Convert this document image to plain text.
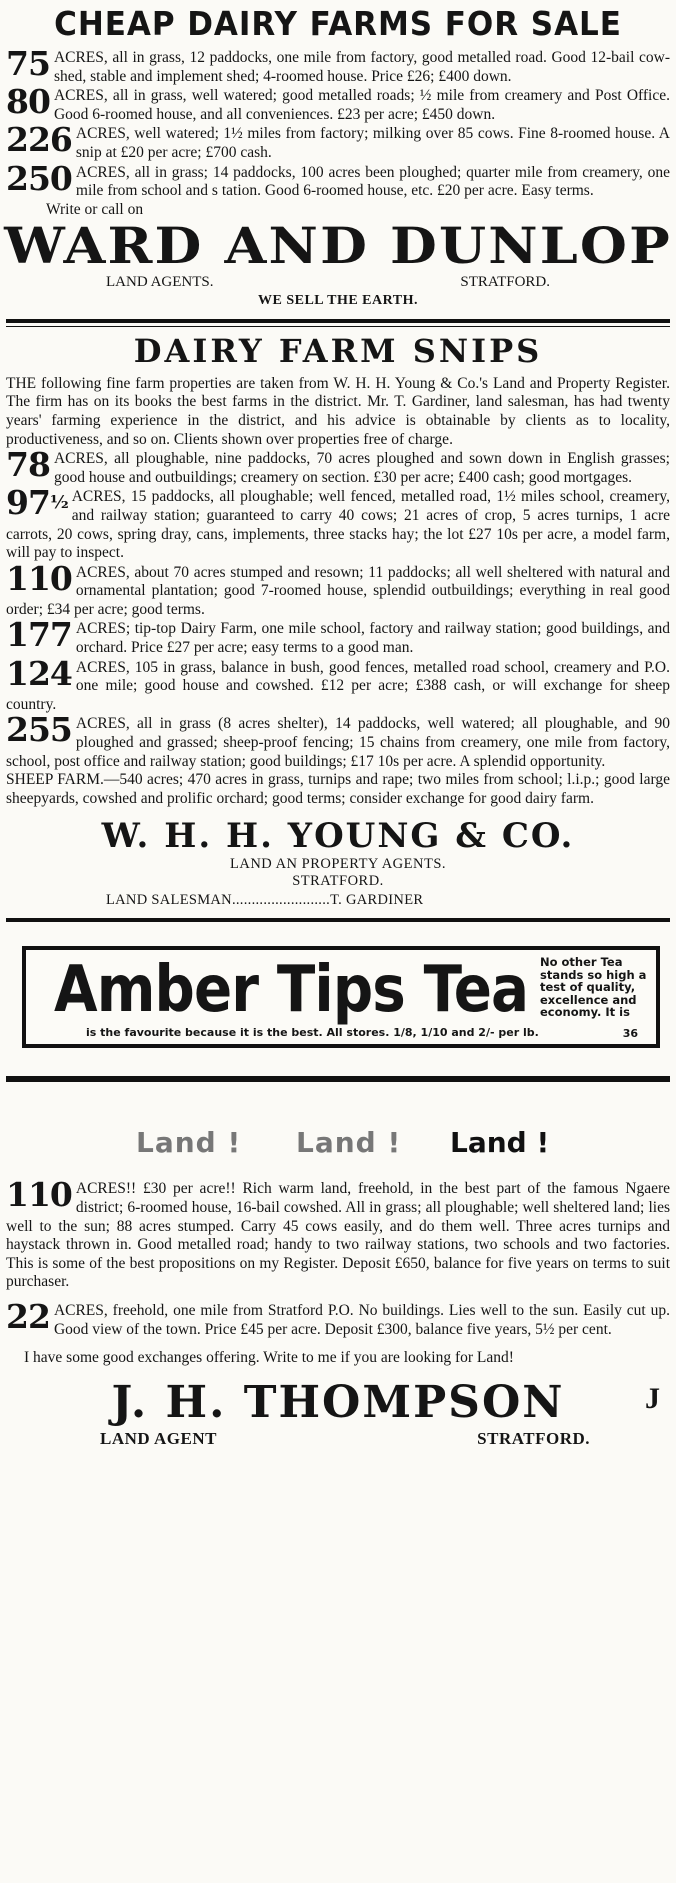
CHEAP DAIRY FARMS FOR SALE
75 ACRES, all in grass, 12 paddocks, one mile from factory, good metalled road. Good 12-bail cow-shed, stable and implement shed; 4-roomed house. Price £26; £400 down.

80 ACRES, all in grass, well watered; good metalled roads; ½ mile from creamery and Post Office. Good 6-roomed house, and all conveniences. £23 per acre; £450 down.

226 ACRES, well watered; 1½ miles from factory; milking over 85 cows. Fine 8-roomed house. A snip at £20 per acre; £700 cash.

250 ACRES, all in grass; 14 paddocks, 100 acres been ploughed; quarter mile from creamery, one mile from school and s tation. Good 6-roomed house, etc. £20 per acre. Easy terms.

Write or call on
WARD AND DUNLOP
LAND AGENTS.	STRATFORD.
WE SELL THE EARTH.
DAIRY FARM SNIPS

THE following fine farm properties are taken from W. H. H. Young & Co.'s Land and Property Register. The firm has on its books the best farms in the district. Mr. T. Gardiner, land salesman, has had twenty years' farming experience in the district, and his advice is obtainable by clients as to locality, productiveness, and so on. Clients shown over properties free of charge.

78 ACRES, all ploughable, nine paddocks, 70 acres ploughed and sown down in English grasses; good house and outbuildings; creamery on section. £30 per acre; £400 cash; good mortgages.

$97^{\frac{1}{2}}$ ACRES, 15 paddocks, all ploughable; well fenced, metalled road, 1½ miles school, creamery, and railway station; guaranteed to carry 40 cows; 21 acres of crop, 5 acres turnips, 1 acre carrots, 20 cows, spring dray, cans, implements, three stacks hay; the lot £27 10s per acre, a model farm, will pay to inspect.

110 ACRES, about 70 acres stumped and resown; 11 paddocks; all well sheltered with natural and ornamental plantation; good 7-roomed house, splendid outbuildings; everything in real good order; £34 per acre; good terms.

177 ACRES; tip-top Dairy Farm, one mile school, factory and railway station; good buildings, and orchard. Price £27 per acre; easy terms to a good man.

124 ACRES, 105 in grass, balance in bush, good fences, metalled road school, creamery and P.O. one mile; good house and cowshed. £12 per acre; £388 cash, or will exchange for sheep country.

255 ACRES, all in grass (8 acres shelter), 14 paddocks, well watered; all ploughable, and 90 ploughed and grassed; sheep-proof fencing; 15 chains from creamery, one mile from factory, school, post office and railway station; good buildings; £17 10s per acre. A splendid opportunity.

SHEEP FARM.—540 acres; 470 acres in grass, turnips and rape; two miles from school; l.i.p.; good large sheepyards, cowshed and prolific orchard; good terms; consider exchange for good dairy farm.

W. H. H. YOUNG & CO.
LAND AN PROPERTY AGENTS.
STRATFORD.
LAND SALESMAN.........................T. GARDINER
Amber Tips Tea No other Tea stands so high a test of quality, excellence and economy. It is
is the favourite because it is the best. All stores. 1/8, 1/10 and 2/- per lb.	36
Land ! Land ! Land !
110 ACRES!! £30 per acre!! Rich warm land, freehold, in the best part of the famous Ngaere district; 6-roomed house, 16-bail cowshed. All in grass; all ploughable; well sheltered land; lies well to the sun; 88 acres stumped. Carry 45 cows easily, and do them well. Three acres turnips and haystack thrown in. Good metalled road; handy to two railway stations, two schools and two factories. This is some of the best propositions on my Register. Deposit £650, balance for five years on terms to suit purchaser.

22 ACRES, freehold, one mile from Stratford P.O. No buildings. Lies well to the sun. Easily cut up. Good view of the town. Price £45 per acre. Deposit £300, balance five years, 5½ per cent.

I have some good exchanges offering. Write to me if you are looking for Land!

J. H. THOMPSON	J
LAND AGENT	STRATFORD.
